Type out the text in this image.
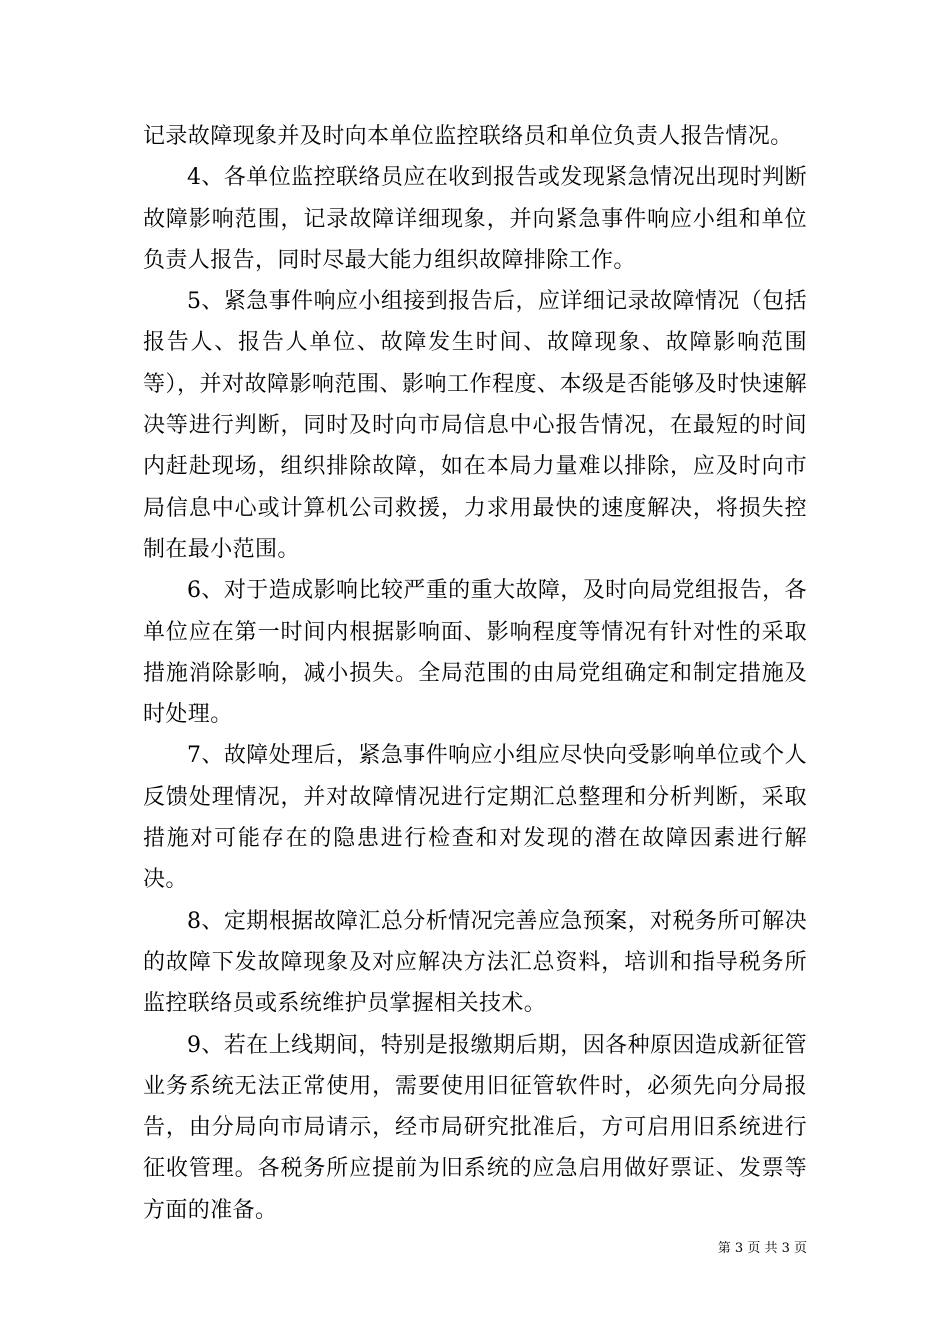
记录故障现象并及时向本单位监控联络员和单位负责人报告情况。

4、各单位监控联络员应在收到报告或发现紧急情况出现时判断故障影响范围，记录故障详细现象，并向紧急事件响应小组和单位负责人报告，同时尽最大能力组织故障排除工作。

5、紧急事件响应小组接到报告后，应详细记录故障情况（包括报告人、报告人单位、故障发生时间、故障现象、故障影响范围等），并对故障影响范围、影响工作程度、本级是否能够及时快速解决等进行判断，同时及时向市局信息中心报告情况，在最短的时间内赶赴现场，组织排除故障，如在本局力量难以排除，应及时向市局信息中心或计算机公司救援，力求用最快的速度解决，将损失控制在最小范围。

6、对于造成影响比较严重的重大故障，及时向局党组报告，各单位应在第一时间内根据影响面、影响程度等情况有针对性的采取措施消除影响，减小损失。全局范围的由局党组确定和制定措施及时处理。

7、故障处理后，紧急事件响应小组应尽快向受影响单位或个人反馈处理情况，并对故障情况进行定期汇总整理和分析判断，采取措施对可能存在的隐患进行检查和对发现的潜在故障因素进行解决。

8、定期根据故障汇总分析情况完善应急预案，对税务所可解决的故障下发故障现象及对应解决方法汇总资料，培训和指导税务所监控联络员或系统维护员掌握相关技术。

9、若在上线期间，特别是报缴期后期，因各种原因造成新征管业务系统无法正常使用，需要使用旧征管软件时，必须先向分局报告，由分局向市局请示，经市局研究批准后，方可启用旧系统进行征收管理。各税务所应提前为旧系统的应急启用做好票证、发票等方面的准备。

第 3 页 共 3 页
